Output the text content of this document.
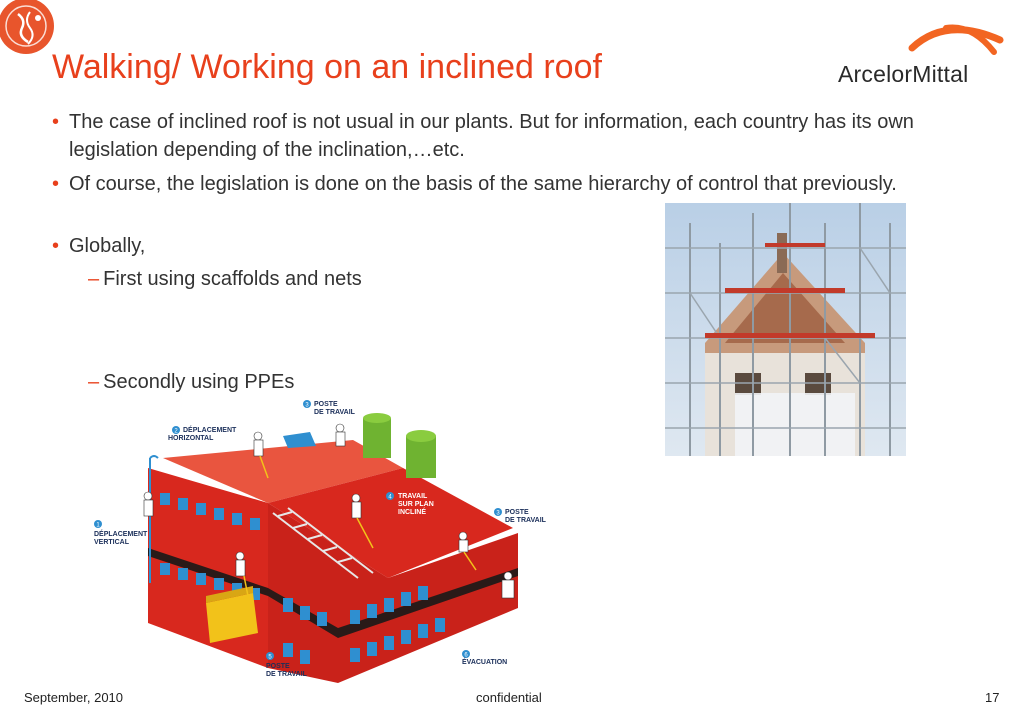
ArcelorMittal
Walking/ Working on an inclined roof
• The case of inclined roof is not usual in our plants. But for information, each country has its own legislation depending of the inclination,…etc.
• Of course, the legislation is done on the basis of the same hierarchy of control that previously.
• Globally,
– First using scaffolds and nets
– Secondly using PPEs
1
DÉPLACEMENT
VERTICAL
2 DÉPLACEMENT
HORIZONTAL
3 POSTE
DE TRAVAIL
3 POSTE
DE TRAVAIL
4 TRAVAIL
SUR PLAN
INCLINÉ
5
POSTE
DE TRAVAIL
6
ÉVACUATION
September, 2010	confidential	17
